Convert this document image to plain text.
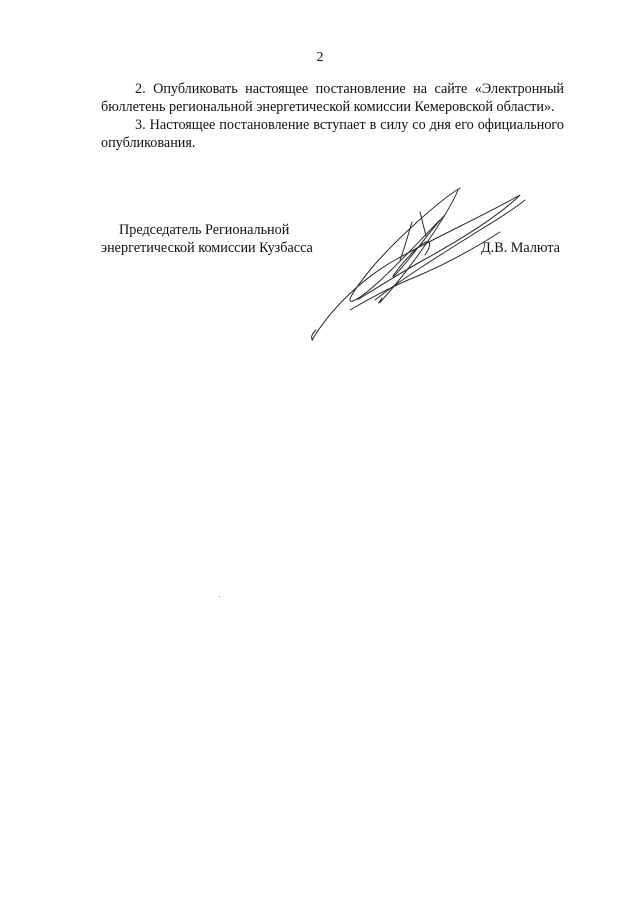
2

2. Опубликовать настоящее постановление на сайте «Электронный бюллетень региональной энергетической комиссии Кемеровской области».

3. Настоящее постановление вступает в силу со дня его официального опубликования.

Председатель Региональной
энергетической комиссии Кузбасса	Д.В. Малюта
